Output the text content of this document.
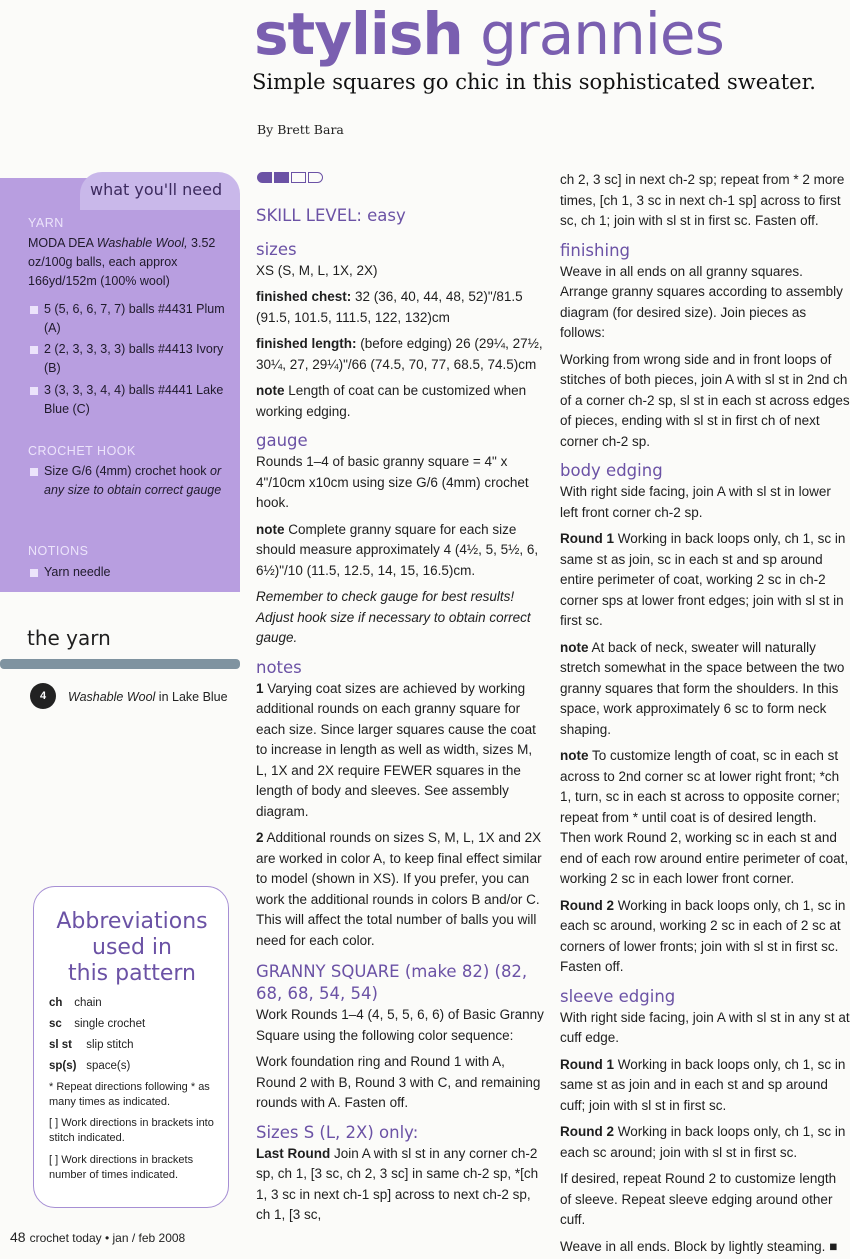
stylish grannies
Simple squares go chic in this sophisticated sweater.
By Brett Bara
what you'll need
YARN
MODA DEA Washable Wool, 3.52 oz/100g balls, each approx 166yd/152m (100% wool)
5 (5, 6, 6, 7, 7) balls #4431 Plum (A)
2 (2, 3, 3, 3, 3) balls #4413 Ivory (B)
3 (3, 3, 3, 4, 4) balls #4441 Lake Blue (C)
CROCHET HOOK
Size G/6 (4mm) crochet hook or any size to obtain correct gauge
NOTIONS
Yarn needle
the yarn
4	Washable Wool in Lake Blue
Abbreviations
used in
this pattern
ch chain
sc single crochet
sl st slip stitch
sp(s) space(s)
* Repeat directions following * as many times as indicated.
[ ] Work directions in brackets into stitch indicated.
[ ] Work directions in brackets number of times indicated.
SKILL LEVEL: easy
sizes

XS (S, M, L, 1X, 2X)

finished chest: 32 (36, 40, 44, 48, 52)"/81.5 (91.5, 101.5, 111.5, 122, 132)cm

finished length: (before edging) 26 (29¼, 27½, 30¼, 27, 29¼)"/66 (74.5, 70, 77, 68.5, 74.5)cm

note Length of coat can be customized when working edging.

gauge

Rounds 1–4 of basic granny square = 4" x 4"/10cm x10cm using size G/6 (4mm) crochet hook.

note Complete granny square for each size should measure approximately 4 (4½, 5, 5½, 6, 6½)"/10 (11.5, 12.5, 14, 15, 16.5)cm.

Remember to check gauge for best results! Adjust hook size if necessary to obtain correct gauge.

notes

1 Varying coat sizes are achieved by working additional rounds on each granny square for each size. Since larger squares cause the coat to increase in length as well as width, sizes M, L, 1X and 2X require FEWER squares in the length of body and sleeves. See assembly diagram.

2 Additional rounds on sizes S, M, L, 1X and 2X are worked in color A, to keep final effect similar to model (shown in XS). If you prefer, you can work the additional rounds in colors B and/or C. This will affect the total number of balls you will need for each color.

GRANNY SQUARE (make 82) (82, 68, 68, 54, 54)

Work Rounds 1–4 (4, 5, 5, 6, 6) of Basic Granny Square using the following color sequence:

Work foundation ring and Round 1 with A, Round 2 with B, Round 3 with C, and remaining rounds with A. Fasten off.

Sizes S (L, 2X) only:

Last Round Join A with sl st in any corner ch-2 sp, ch 1, [3 sc, ch 2, 3 sc] in same ch-2 sp, *[ch 1, 3 sc in next ch-1 sp] across to next ch-2 sp, ch 1, [3 sc,

ch 2, 3 sc] in next ch-2 sp; repeat from * 2 more times, [ch 1, 3 sc in next ch-1 sp] across to first sc, ch 1; join with sl st in first sc. Fasten off.

finishing

Weave in all ends on all granny squares. Arrange granny squares according to assembly diagram (for desired size). Join pieces as follows:

Working from wrong side and in front loops of stitches of both pieces, join A with sl st in 2nd ch of a corner ch-2 sp, sl st in each st across edges of pieces, ending with sl st in first ch of next corner ch-2 sp.

body edging

With right side facing, join A with sl st in lower left front corner ch-2 sp.

Round 1 Working in back loops only, ch 1, sc in same st as join, sc in each st and sp around entire perimeter of coat, working 2 sc in ch-2 corner sps at lower front edges; join with sl st in first sc.

note At back of neck, sweater will naturally stretch somewhat in the space between the two granny squares that form the shoulders. In this space, work approximately 6 sc to form neck shaping.

note To customize length of coat, sc in each st across to 2nd corner sc at lower right front; *ch 1, turn, sc in each st across to opposite corner; repeat from * until coat is of desired length. Then work Round 2, working sc in each st and end of each row around entire perimeter of coat, working 2 sc in each lower front corner.

Round 2 Working in back loops only, ch 1, sc in each sc around, working 2 sc in each of 2 sc at corners of lower fronts; join with sl st in first sc. Fasten off.

sleeve edging

With right side facing, join A with sl st in any st at cuff edge.

Round 1 Working in back loops only, ch 1, sc in same st as join and in each st and sp around cuff; join with sl st in first sc.

Round 2 Working in back loops only, ch 1, sc in each sc around; join with sl st in first sc.

If desired, repeat Round 2 to customize length of sleeve. Repeat sleeve edging around other cuff.

Weave in all ends. Block by lightly steaming. ■

48 crochet today • jan / feb 2008
